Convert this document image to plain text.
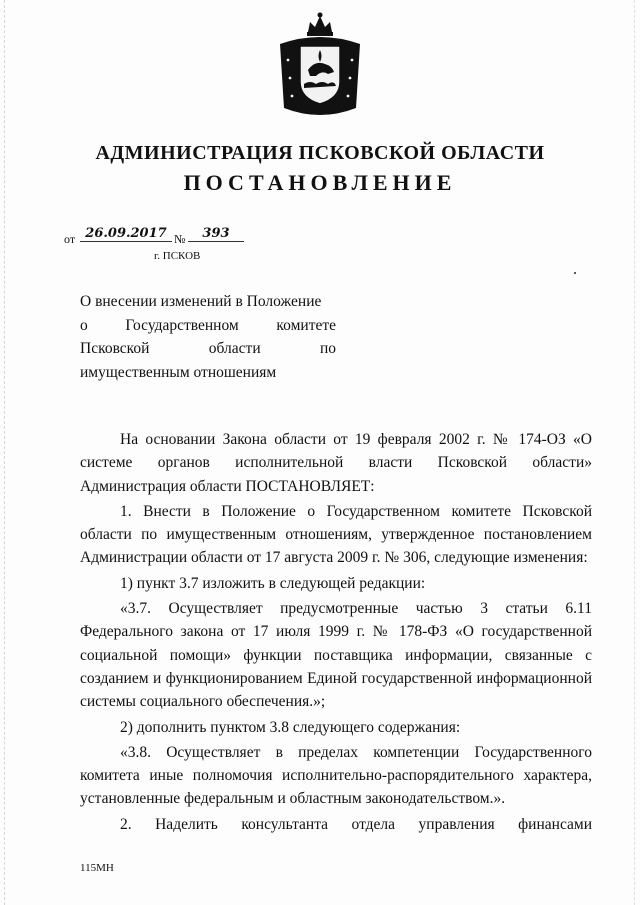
АДМИНИСТРАЦИЯ ПСКОВСКОЙ ОБЛАСТИ
ПОСТАНОВЛЕНИЕ
от 26.09.2017 №	393
г. ПСКОВ
О внесении изменений в Положение
о Государственном комитете
Псковской	области	по
имущественным отношениям

На основании Закона области от 19 февраля 2002 г. № 174-ОЗ «О системе органов исполнительной власти Псковской области» Администрация области ПОСТАНОВЛЯЕТ:

1. Внести в Положение о Государственном комитете Псковской области по имущественным отношениям, утвержденное постановлением Администрации области от 17 августа 2009 г. № 306, следующие изменения:

1) пункт 3.7 изложить в следующей редакции:

«3.7. Осуществляет предусмотренные частью 3 статьи 6.11 Федерального закона от 17 июля 1999 г. № 178-ФЗ «О государственной социальной помощи» функции поставщика информации, связанные с созданием и функционированием Единой государственной информационной системы социального обеспечения.»;

2) дополнить пунктом 3.8 следующего содержания:

«3.8. Осуществляет в пределах компетенции Государственного комитета иные полномочия исполнительно-распорядительного характера, установленные федеральным и областным законодательством.».

2. Наделить консультанта отдела управления финансами

115МН
